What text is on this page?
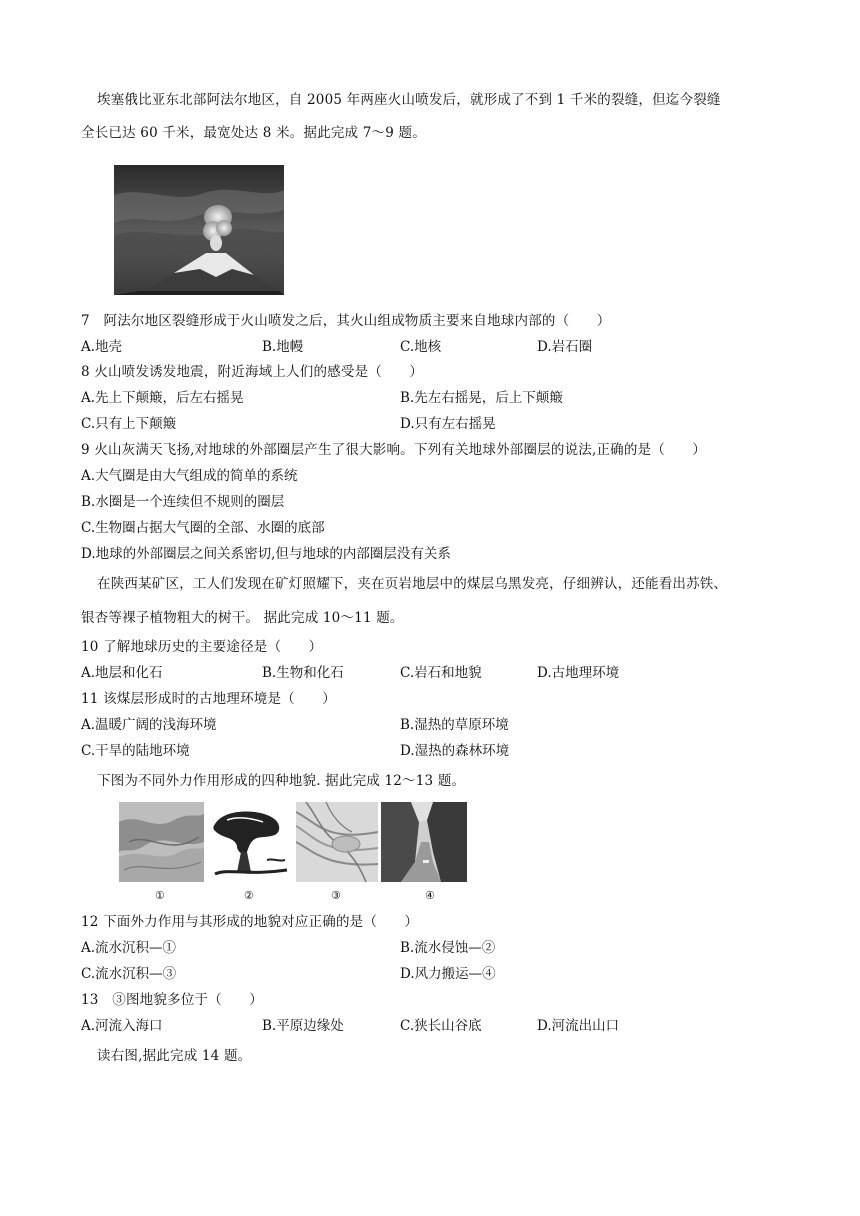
埃塞俄比亚东北部阿法尔地区，自 2005 年两座火山喷发后，就形成了不到 1 千米的裂缝，但迄今裂缝
全长已达 60 千米，最宽处达 8 米。据此完成 7～9 题。
7　阿法尔地区裂缝形成于火山喷发之后，其火山组成物质主要来自地球内部的（　　）
A.地壳	B.地幔	C.地核	D.岩石圈
8 火山喷发诱发地震，附近海域上人们的感受是（　　）
A.先上下颠簸，后左右摇晃	B.先左右摇晃，后上下颠簸
C.只有上下颠簸	D.只有左右摇晃
9 火山灰满天飞扬,对地球的外部圈层产生了很大影响。下列有关地球外部圈层的说法,正确的是（　　）
A.大气圈是由大气组成的简单的系统
B.水圈是一个连续但不规则的圈层
C.生物圈占据大气圈的全部、水圈的底部
D.地球的外部圈层之间关系密切,但与地球的内部圈层没有关系
在陕西某矿区，工人们发现在矿灯照耀下，夹在页岩地层中的煤层乌黑发亮，仔细辨认，还能看出苏铁、
银杏等裸子植物粗大的树干。 据此完成 10～11 题。
10 了解地球历史的主要途径是（　　）
A.地层和化石	B.生物和化石	C.岩石和地貌	D.古地理环境
11 该煤层形成时的古地理环境是（　　）
A.温暖广阔的浅海环境	B.湿热的草原环境
C.干旱的陆地环境	D.湿热的森林环境
下图为不同外力作用形成的四种地貌. 据此完成 12～13 题。
①	②	③	④
12 下面外力作用与其形成的地貌对应正确的是（　　）
A.流水沉积—①	B.流水侵蚀—②
C.流水沉积—③	D.风力搬运—④
13　③图地貌多位于（　　）
A.河流入海口	B.平原边缘处	C.狭长山谷底	D.河流出山口
读右图,据此完成 14 题。
